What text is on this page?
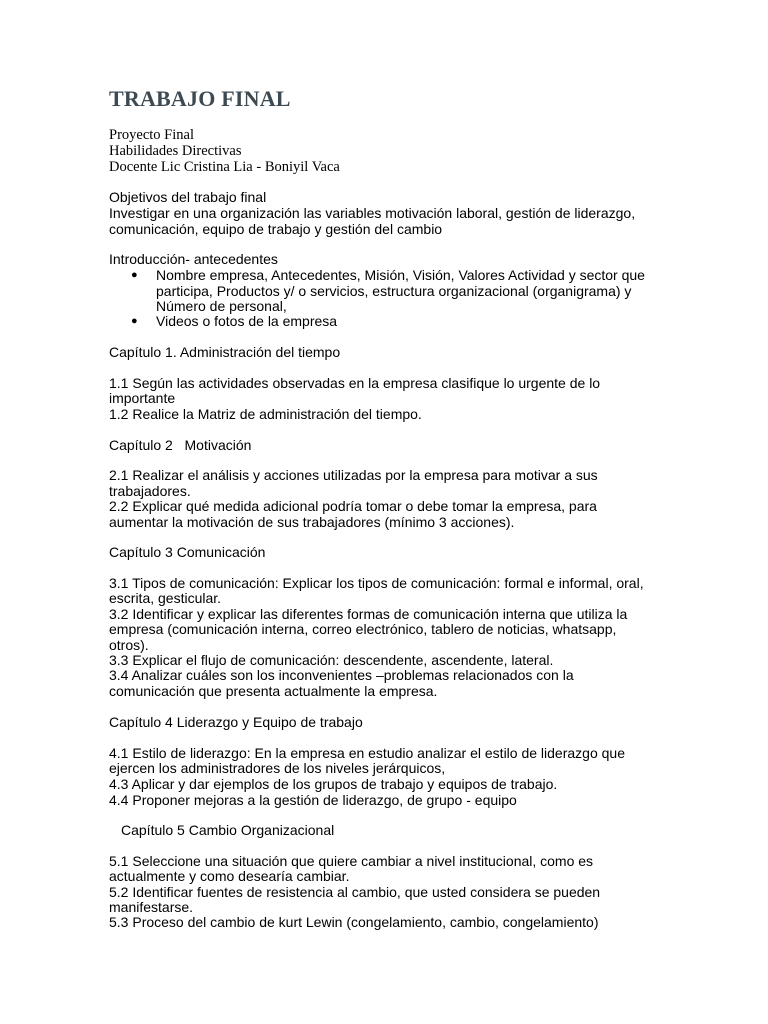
TRABAJO FINAL
Proyecto Final
Habilidades Directivas
Docente Lic Cristina Lia - Boniyil Vaca
Objetivos del trabajo final
Investigar en una organización las variables motivación laboral, gestión de liderazgo,
comunicación, equipo de trabajo y gestión del cambio
Introducción- antecedentes
● Nombre empresa, Antecedentes, Misión, Visión, Valores Actividad y sector que
participa, Productos y/ o servicios, estructura organizacional (organigrama) y
Número de personal,
● Videos o fotos de la empresa
Capítulo 1. Administración del tiempo
1.1 Según las actividades observadas en la empresa clasifique lo urgente de lo
importante
1.2 Realice la Matriz de administración del tiempo.
Capítulo 2   Motivación
2.1 Realizar el análisis y acciones utilizadas por la empresa para motivar a sus
trabajadores.
2.2 Explicar qué medida adicional podría tomar o debe tomar la empresa, para
aumentar la motivación de sus trabajadores (mínimo 3 acciones).
Capítulo 3 Comunicación
3.1 Tipos de comunicación: Explicar los tipos de comunicación: formal e informal, oral,
escrita, gesticular.
3.2 Identificar y explicar las diferentes formas de comunicación interna que utiliza la
empresa (comunicación interna, correo electrónico, tablero de noticias, whatsapp,
otros).
3.3 Explicar el flujo de comunicación: descendente, ascendente, lateral.
3.4 Analizar cuáles son los inconvenientes –problemas relacionados con la
comunicación que presenta actualmente la empresa.
Capítulo 4 Liderazgo y Equipo de trabajo
4.1 Estilo de liderazgo: En la empresa en estudio analizar el estilo de liderazgo que
ejercen los administradores de los niveles jerárquicos,
4.3 Aplicar y dar ejemplos de los grupos de trabajo y equipos de trabajo.
4.4 Proponer mejoras a la gestión de liderazgo, de grupo - equipo
Capítulo 5 Cambio Organizacional
5.1 Seleccione una situación que quiere cambiar a nivel institucional, como es
actualmente y como desearía cambiar.
5.2 Identificar fuentes de resistencia al cambio, que usted considera se pueden
manifestarse.
5.3 Proceso del cambio de kurt Lewin (congelamiento, cambio, congelamiento)
